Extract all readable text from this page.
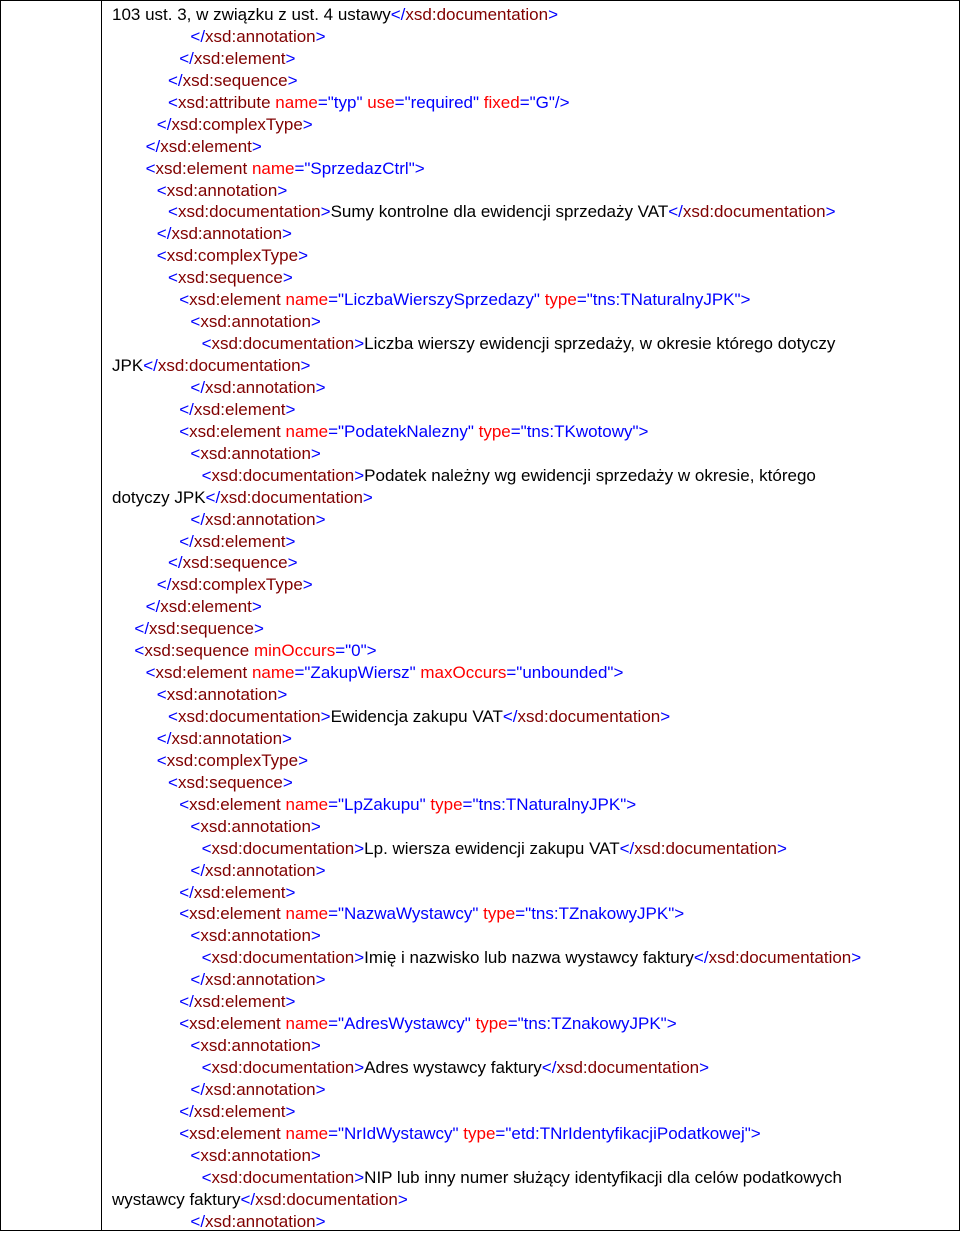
103 ust. 3, w związku z ust. 4 ustawy</xsd:documentation>
</xsd:annotation>
</xsd:element>
</xsd:sequence>
<xsd:attribute name="typ" use="required" fixed="G"/>
</xsd:complexType>
</xsd:element>
<xsd:element name="SprzedazCtrl">
<xsd:annotation>
<xsd:documentation>Sumy kontrolne dla ewidencji sprzedaży VAT</xsd:documentation>
</xsd:annotation>
<xsd:complexType>
<xsd:sequence>
<xsd:element name="LiczbaWierszySprzedazy" type="tns:TNaturalnyJPK">
<xsd:annotation>
<xsd:documentation>Liczba wierszy ewidencji sprzedaży, w okresie którego dotyczy
JPK</xsd:documentation>
</xsd:annotation>
</xsd:element>
<xsd:element name="PodatekNalezny" type="tns:TKwotowy">
<xsd:annotation>
<xsd:documentation>Podatek należny wg ewidencji sprzedaży w okresie, którego
dotyczy JPK</xsd:documentation>
</xsd:annotation>
</xsd:element>
</xsd:sequence>
</xsd:complexType>
</xsd:element>
</xsd:sequence>
<xsd:sequence minOccurs="0">
<xsd:element name="ZakupWiersz" maxOccurs="unbounded">
<xsd:annotation>
<xsd:documentation>Ewidencja zakupu VAT</xsd:documentation>
</xsd:annotation>
<xsd:complexType>
<xsd:sequence>
<xsd:element name="LpZakupu" type="tns:TNaturalnyJPK">
<xsd:annotation>
<xsd:documentation>Lp. wiersza ewidencji zakupu VAT</xsd:documentation>
</xsd:annotation>
</xsd:element>
<xsd:element name="NazwaWystawcy" type="tns:TZnakowyJPK">
<xsd:annotation>
<xsd:documentation>Imię i nazwisko lub nazwa wystawcy faktury</xsd:documentation>
</xsd:annotation>
</xsd:element>
<xsd:element name="AdresWystawcy" type="tns:TZnakowyJPK">
<xsd:annotation>
<xsd:documentation>Adres wystawcy faktury</xsd:documentation>
</xsd:annotation>
</xsd:element>
<xsd:element name="NrIdWystawcy" type="etd:TNrIdentyfikacjiPodatkowej">
<xsd:annotation>
<xsd:documentation>NIP lub inny numer służący identyfikacji dla celów podatkowych
wystawcy faktury</xsd:documentation>
</xsd:annotation>
